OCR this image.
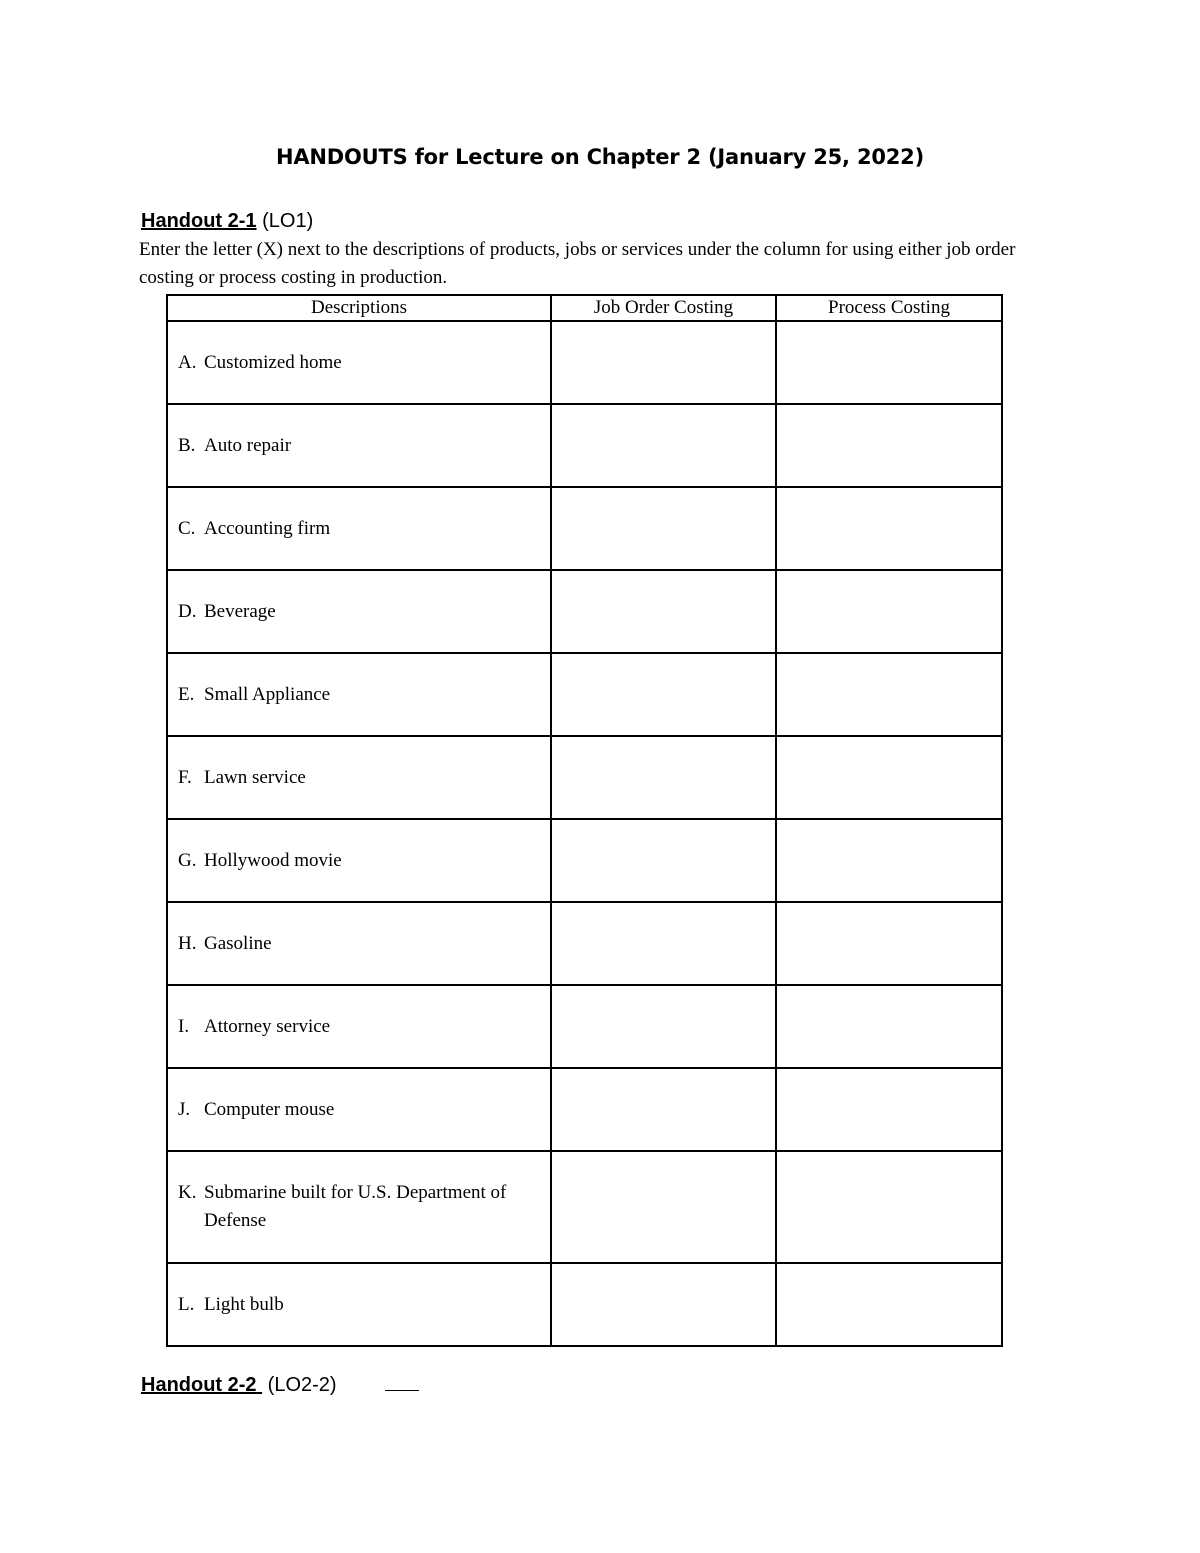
HANDOUTS for Lecture on Chapter 2 (January 25, 2022)
Handout 2-1 (LO1)
Enter the letter (X) next to the descriptions of products, jobs or services under the column for using either job order costing or process costing in production.
Descriptions	Job Order Costing	Process Costing

A. Customized home		

B. Auto repair		

C. Accounting firm		

D. Beverage		

E. Small Appliance		

F. Lawn service		

G. Hollywood movie		

H. Gasoline		

I. Attorney service		

J. Computer mouse		

K. Submarine built for U.S. Department of Defense		

L. Light bulb		

Handout 2-2  (LO2-2)
